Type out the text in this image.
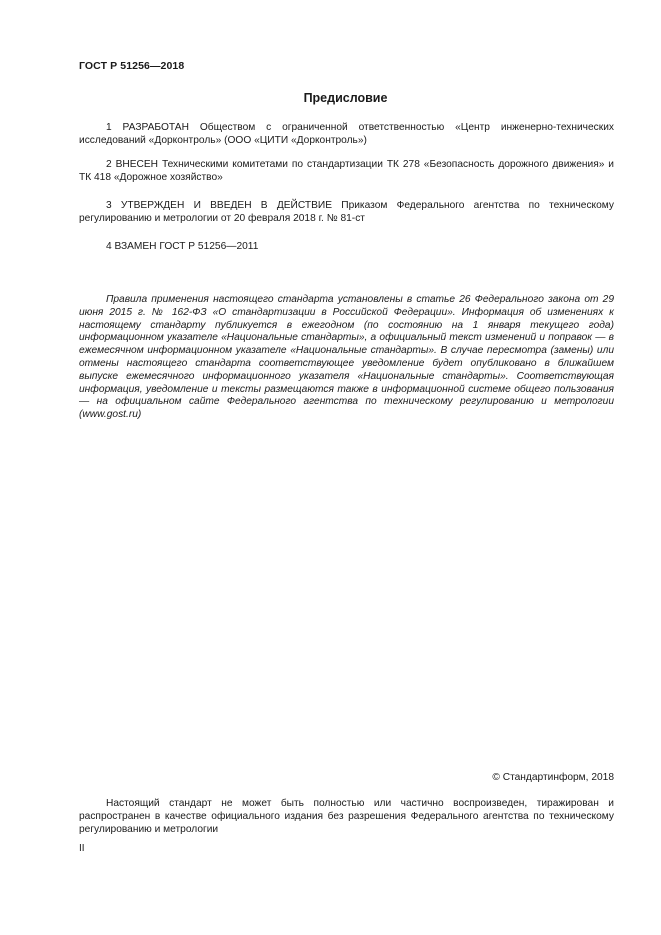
ГОСТ Р 51256—2018
Предисловие

1 РАЗРАБОТАН Обществом с ограниченной ответственностью «Центр инженерно-технических исследований «Дорконтроль» (ООО «ЦИТИ «Дорконтроль»)

2 ВНЕСЕН Техническими комитетами по стандартизации ТК 278 «Безопасность дорожного движения» и ТК 418 «Дорожное хозяйство»

3 УТВЕРЖДЕН И ВВЕДЕН В ДЕЙСТВИЕ Приказом Федерального агентства по техническому регулированию и метрологии от 20 февраля 2018 г. № 81-ст

4 ВЗАМЕН ГОСТ Р 51256—2011

Правила применения настоящего стандарта установлены в статье 26 Федерального закона от 29 июня 2015 г. № 162-ФЗ «О стандартизации в Российской Федерации». Информация об изменениях к настоящему стандарту публикуется в ежегодном (по состоянию на 1 января текущего года) информационном указателе «Национальные стандарты», а официальный текст изменений и поправок — в ежемесячном информационном указателе «Национальные стандарты». В случае пересмотра (замены) или отмены настоящего стандарта соответствующее уведомление будет опубликовано в ближайшем выпуске ежемесячного информационного указателя «Национальные стандарты». Соответствующая информация, уведомление и тексты размещаются также в информационной системе общего пользования — на официальном сайте Федерального агентства по техническому регулированию и метрологии (www.gost.ru)

© Стандартинформ, 2018

Настоящий стандарт не может быть полностью или частично воспроизведен, тиражирован и распространен в качестве официального издания без разрешения Федерального агентства по техническому регулированию и метрологии

II
